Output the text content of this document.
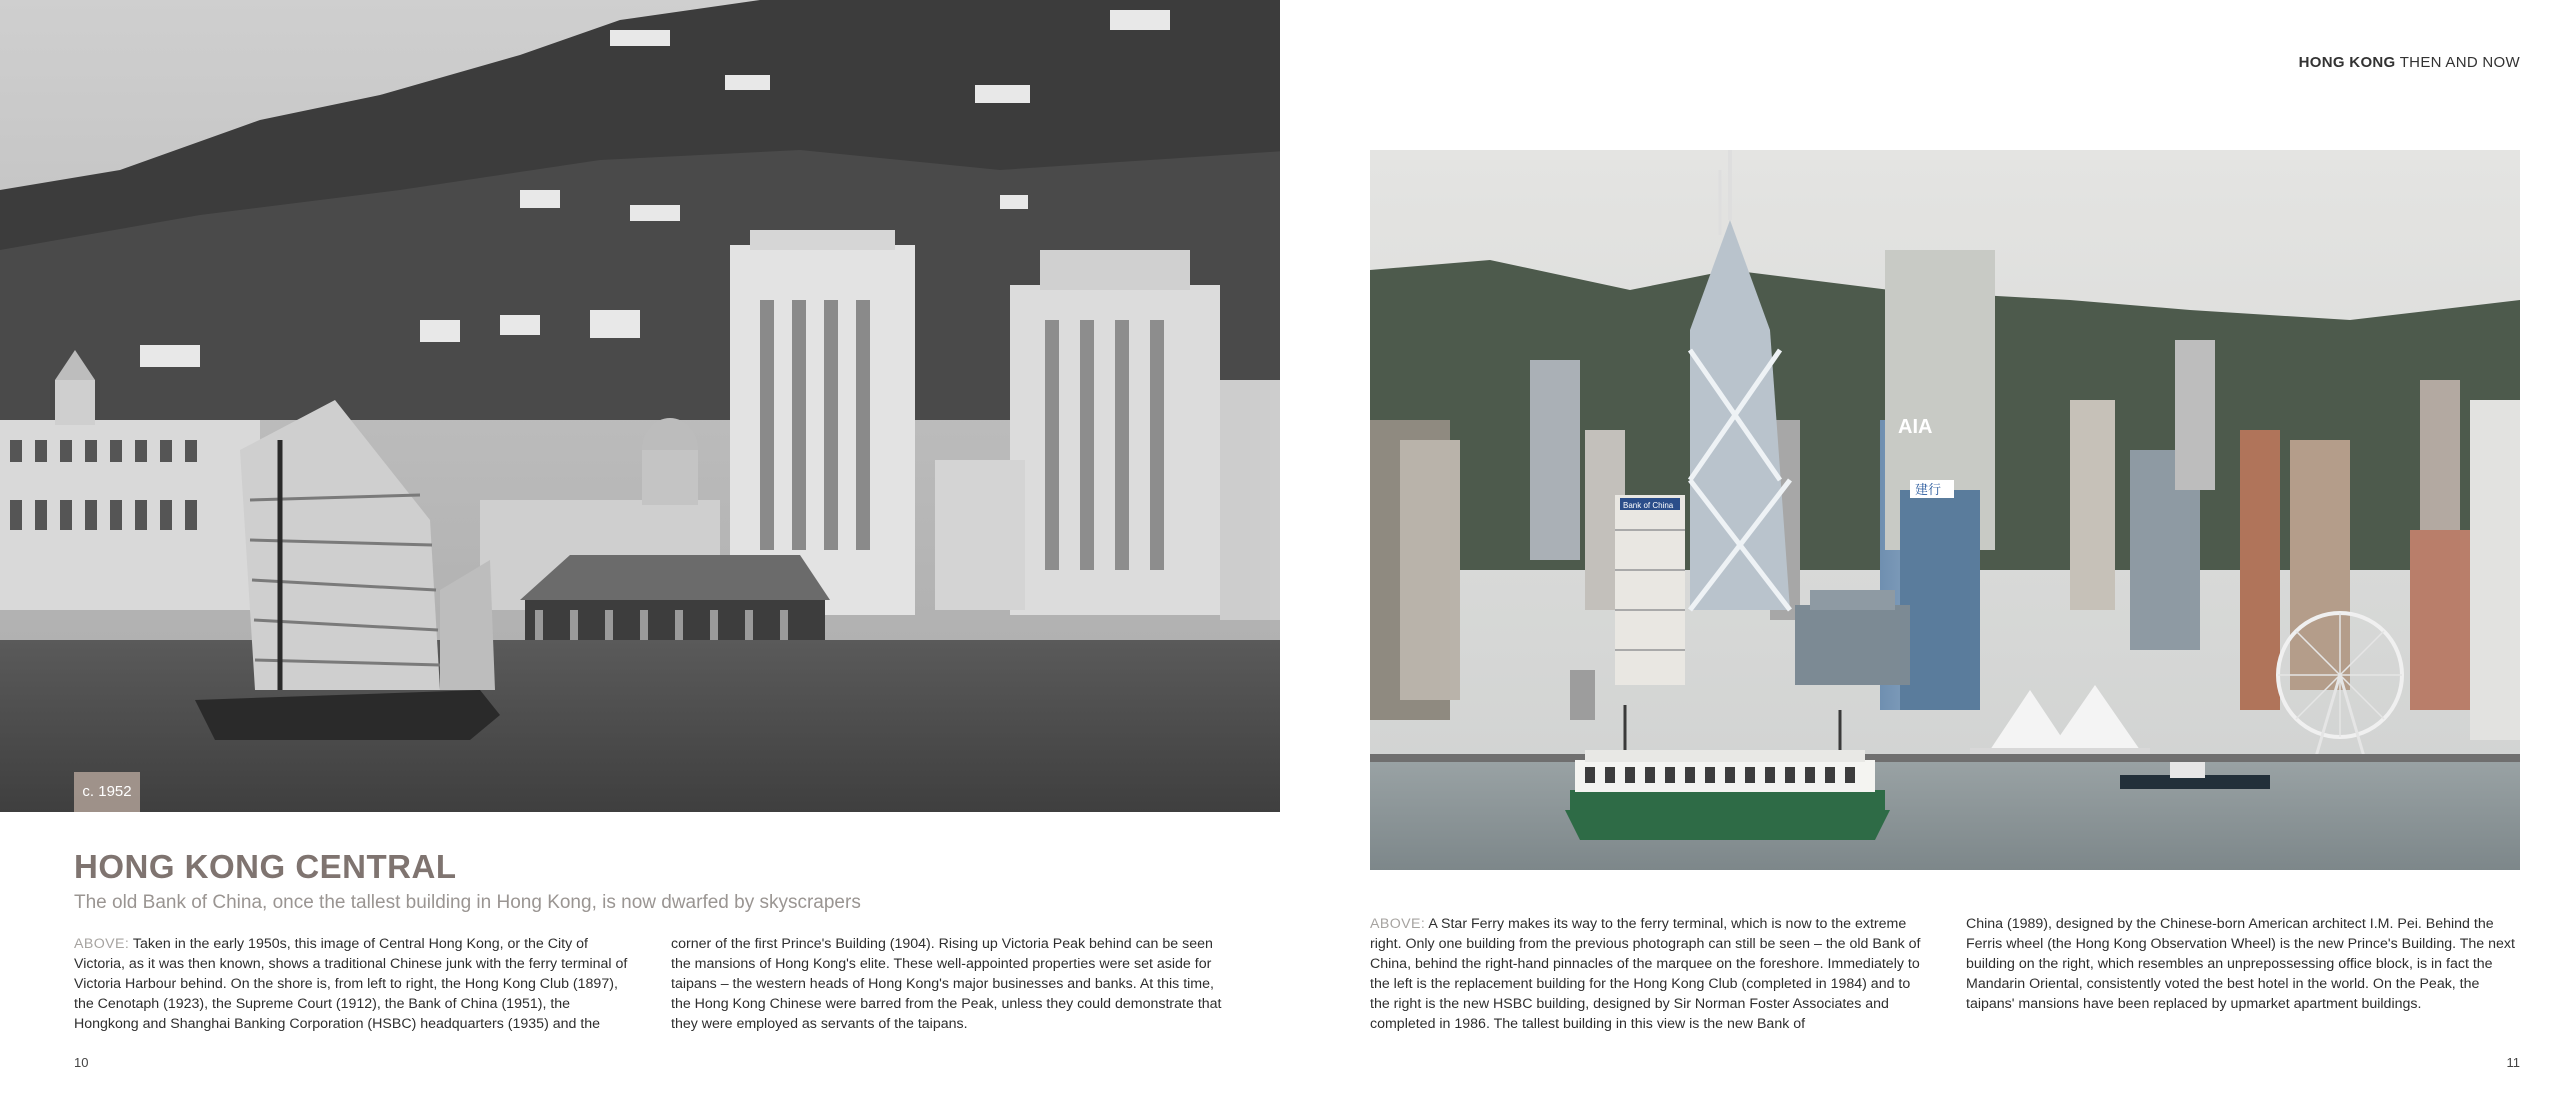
c. 1952
HONG KONG CENTRAL

The old Bank of China, once the tallest building in Hong Kong, is now dwarfed by skyscrapers

ABOVE: Taken in the early 1950s, this image of Central Hong Kong, or the City of Victoria, as it was then known, shows a traditional Chinese junk with the ferry terminal of Victoria Harbour behind. On the shore is, from left to right, the Hong Kong Club (1897), the Cenotaph (1923), the Supreme Court (1912), the Bank of China (1951), the Hongkong and Shanghai Banking Corporation (HSBC) headquarters (1935) and the

corner of the first Prince's Building (1904). Rising up Victoria Peak behind can be seen the mansions of Hong Kong's elite. These well-appointed properties were set aside for taipans – the western heads of Hong Kong's major businesses and banks. At this time, the Hong Kong Chinese were barred from the Peak, unless they could demonstrate that they were employed as servants of the taipans.

10

HONG KONG THEN AND NOW

AIA
建行
Bank of China

ABOVE: A Star Ferry makes its way to the ferry terminal, which is now to the extreme right. Only one building from the previous photograph can still be seen – the old Bank of China, behind the right-hand pinnacles of the marquee on the foreshore. Immediately to the left is the replacement building for the Hong Kong Club (completed in 1984) and to the right is the new HSBC building, designed by Sir Norman Foster Associates and completed in 1986. The tallest building in this view is the new Bank of

China (1989), designed by the Chinese-born American architect I.M. Pei. Behind the Ferris wheel (the Hong Kong Observation Wheel) is the new Prince's Building. The next building on the right, which resembles an unprepossessing office block, is in fact the Mandarin Oriental, consistently voted the best hotel in the world. On the Peak, the taipans' mansions have been replaced by upmarket apartment buildings.

11
